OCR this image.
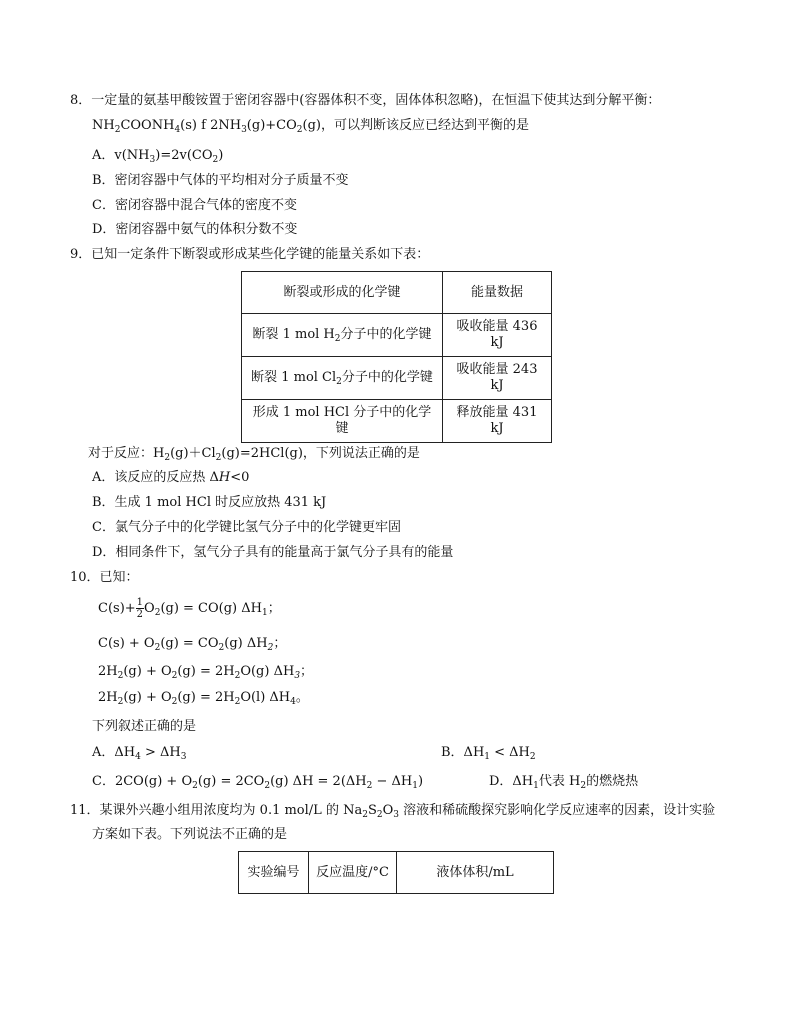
8．一定量的氨基甲酸铵置于密闭容器中(容器体积不变，固体体积忽略)，在恒温下使其达到分解平衡：
$NH_2COONH_4(s)$ f $2NH_3(g)+CO_2(g)$，可以判断该反应已经达到平衡的是
A．$v(NH_3)=2v(CO_2)$
B．密闭容器中气体的平均相对分子质量不变
C．密闭容器中混合气体的密度不变
D．密闭容器中氨气的体积分数不变
9．已知一定条件下断裂或形成某些化学键的能量关系如下表：
断裂或形成的化学键	能量数据
断裂 1 mol $H_2$分子中的化学键	吸收能量 436 kJ
断裂 1 mol $Cl_2$分子中的化学键	吸收能量 243 kJ
形成 1 mol HCl 分子中的化学键	释放能量 431 kJ
对于反应：$H_2(g)+Cl_2(g)=2HCl(g)$，下列说法正确的是
A．该反应的反应热 ΔH<0
B．生成 1 mol HCl 时反应放热 431 kJ
C．氯气分子中的化学键比氢气分子中的化学键更牢固
D．相同条件下，氢气分子具有的能量高于氯气分子具有的能量
10．已知：
$C(s)+ \frac{1}{2} O_2(g) = CO(g)$ $\Delta H_1$；
$C(s) + O_2(g) = CO_2(g)$ $\Delta H_2$；
$2H_2(g) + O_2(g) = 2H_2O(g)$ $\Delta H_3$；
$2H_2(g) + O_2(g) = 2H_2O(l)$ $\Delta H_4$。
下列叙述正确的是
A．$\Delta H_4 > \Delta H_3$	B．$\Delta H_1 < \Delta H_2$
C．$2CO(g) + O_2(g) = 2CO_2(g) \Delta H = 2(\Delta H_2 - \Delta H_1)$	D．$\Delta H_1$代表 $H_2$的燃烧热
11．某课外兴趣小组用浓度均为 0.1 mol/L 的 $Na_2S_2O_3$ 溶液和稀硫酸探究影响化学反应速率的因素，设计实验
方案如下表。下列说法不正确的是
实验编号	反应温度/°C	液体体积/mL
